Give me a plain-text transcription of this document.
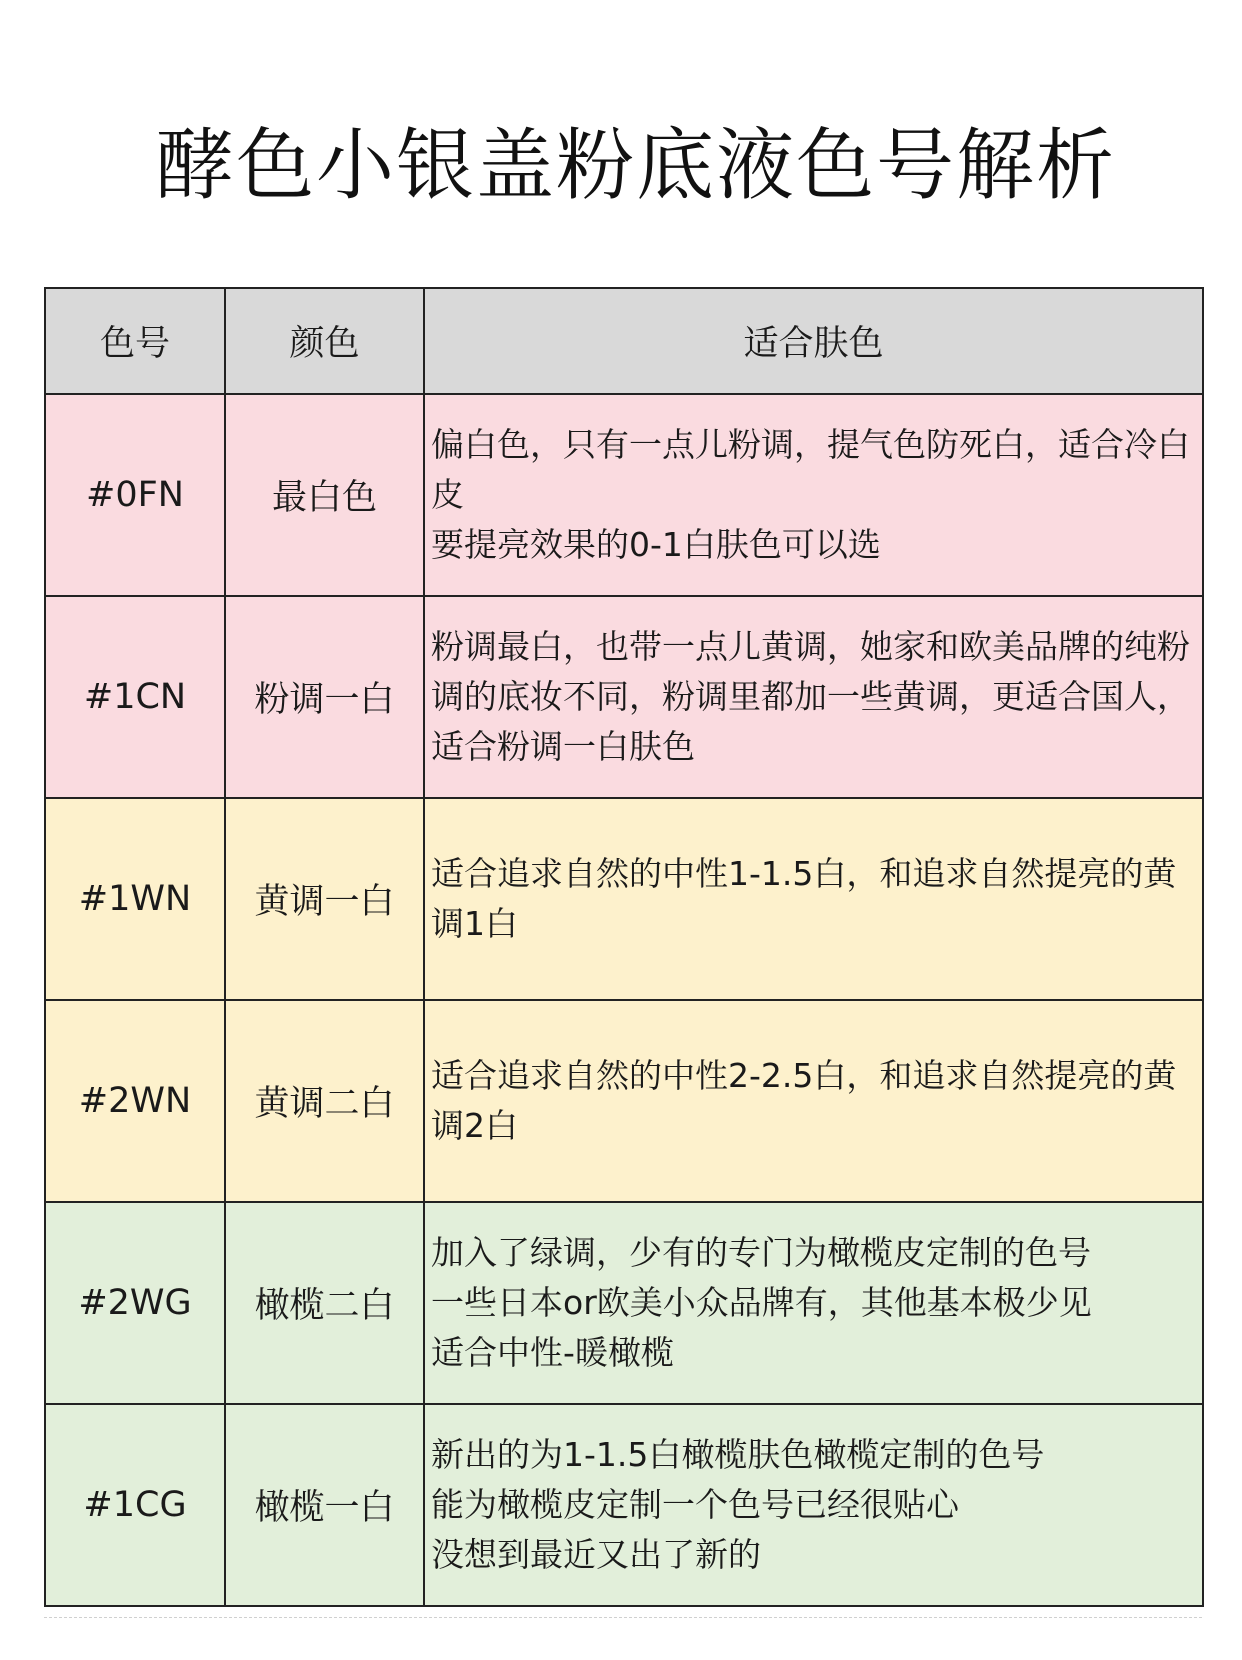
酵色小银盖粉底液色号解析
色号	颜色	适合肤色
#0FN	最白色	偏白色，只有一点儿粉调，提气色防死白，适合冷白皮
要提亮效果的0-1白肤色可以选

#1CN	粉调一白	粉调最白，也带一点儿黄调，她家和欧美品牌的纯粉调的底妆不同，粉调里都加一些黄调，更适合国人，适合粉调一白肤色

#1WN	黄调一白	适合追求自然的中性1-1.5白，和追求自然提亮的黄调1白

#2WN	黄调二白	适合追求自然的中性2-2.5白，和追求自然提亮的黄调2白

#2WG	橄榄二白	加入了绿调，少有的专门为橄榄皮定制的色号
一些日本or欧美小众品牌有，其他基本极少见
适合中性-暖橄榄

#1CG	橄榄一白	新出的为1-1.5白橄榄肤色橄榄定制的色号
能为橄榄皮定制一个色号已经很贴心
没想到最近又出了新的
